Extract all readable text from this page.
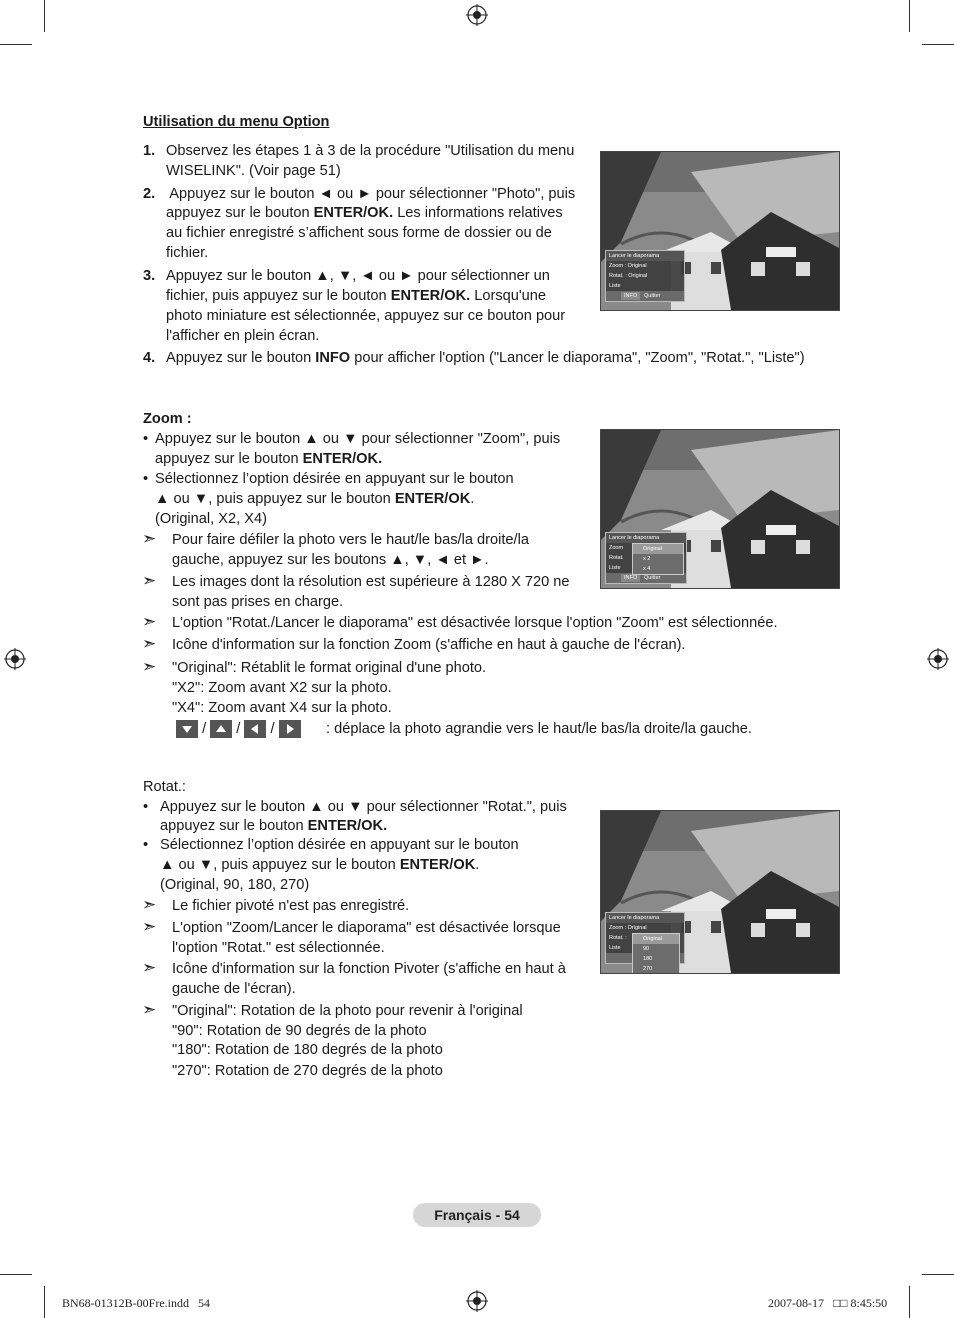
Utilisation du menu Option
1. Observez les étapes 1 à 3 de la procédure "Utilisation du menu
WISELINK". (Voir page 51)
2. Appuyez sur le bouton ◄ ou ► pour sélectionner "Photo", puis
appuyez sur le bouton ENTER/OK. Les informations relatives
au fichier enregistré s’affichent sous forme de dossier ou de
fichier.
3. Appuyez sur le bouton ▲, ▼, ◄ ou ► pour sélectionner un
fichier, puis appuyez sur le bouton ENTER/OK. Lorsqu'une
photo miniature est sélectionnée, appuyez sur ce bouton pour
l'afficher en plein écran.
4. Appuyez sur le bouton INFO pour afficher l'option ("Lancer le diaporama", "Zoom", "Rotat.", "Liste")
Lancer le diaporama
Zoom : Original
Rotat. : Original
Liste
INFO	Quitter
Zoom :
• Appuyez sur le bouton ▲ ou ▼ pour sélectionner "Zoom", puis
appuyez sur le bouton ENTER/OK.
• Sélectionnez l’option désirée en appuyant sur le bouton
▲ ou ▼, puis appuyez sur le bouton ENTER/OK.
(Original, X2, X4)
➣ Pour faire défiler la photo vers le haut/le bas/la droite/la
gauche, appuyez sur les boutons ▲, ▼, ◄ et ►.
➣ Les images dont la résolution est supérieure à 1280 X 720 ne
sont pas prises en charge.
➣ L'option "Rotat./Lancer le diaporama" est désactivée lorsque l'option "Zoom" est sélectionnée.
➣ Icône d'information sur la fonction Zoom (s'affiche en haut à gauche de l'écran).
➣ "Original": Rétablit le format original d'une photo.
"X2": Zoom avant X2 sur la photo.
"X4": Zoom avant X4 sur la photo.
/ / /	: déplace la photo agrandie vers le haut/le bas/la droite/la gauche.
Lancer le diaporama
Zoom
Rotat.
Liste
INFO	Quitter
Original
x 2
x 4
Rotat.:
• Appuyez sur le bouton ▲ ou ▼ pour sélectionner "Rotat.", puis
appuyez sur le bouton ENTER/OK.
• Sélectionnez l’option désirée en appuyant sur le bouton
▲ ou ▼, puis appuyez sur le bouton ENTER/OK.
(Original, 90, 180, 270)
➣ Le fichier pivoté n'est pas enregistré.
➣ L'option "Zoom/Lancer le diaporama" est désactivée lorsque
l'option "Rotat." est sélectionnée.
➣ Icône d'information sur la fonction Pivoter (s'affiche en haut à
gauche de l'écran).
➣ "Original": Rotation de la photo pour revenir à l'original
"90": Rotation de 90 degrés de la photo
"180": Rotation de 180 degrés de la photo
"270": Rotation de 270 degrés de la photo
Lancer le diaporama
Zoom : Original
Rotat. :
Liste
Original
90
180
270
Français - 54
BN68-01312B-00Fre.indd   54	2007-08-17   □□ 8:45:50
